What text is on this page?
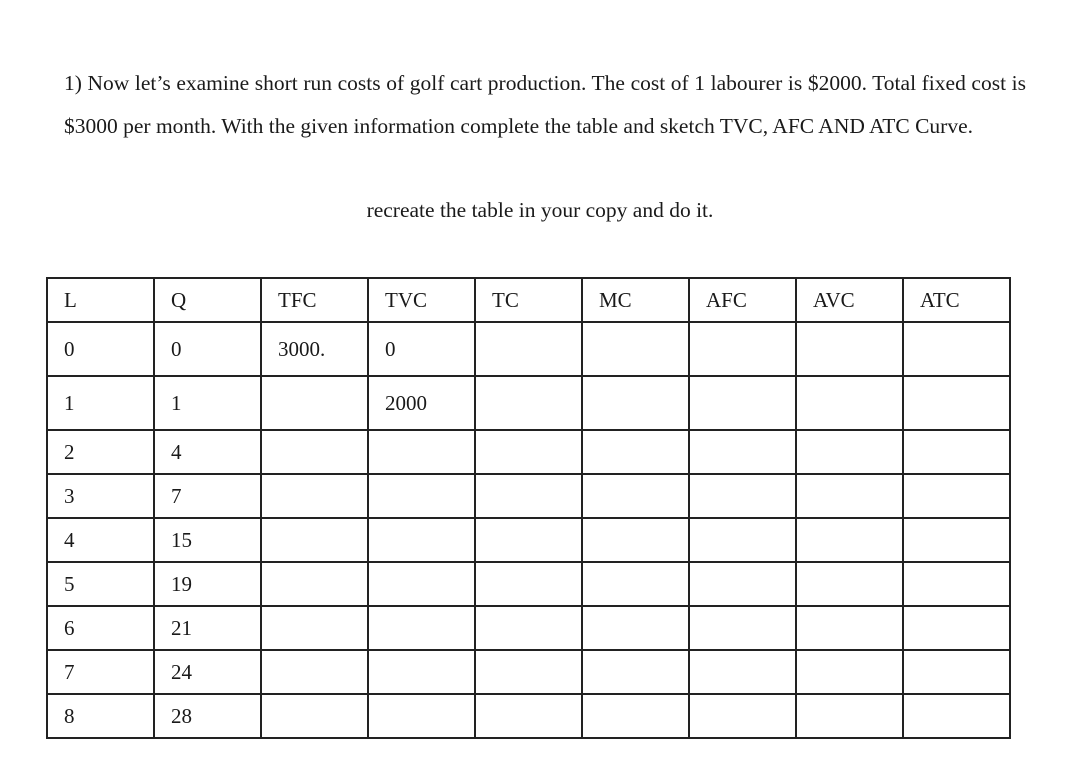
1) Now let’s examine short run costs of golf cart production. The cost of 1 labourer is $2000. Total fixed cost is $3000 per month. With the given information complete the table and sketch TVC, AFC AND ATC Curve.

recreate the table in your copy and do it.

L	Q	TFC	TVC	TC	MC	AFC	AVC	ATC
0	0	3000.	0					
1	1		2000					
2	4							
3	7							
4	15							
5	19							
6	21							
7	24							
8	28							
